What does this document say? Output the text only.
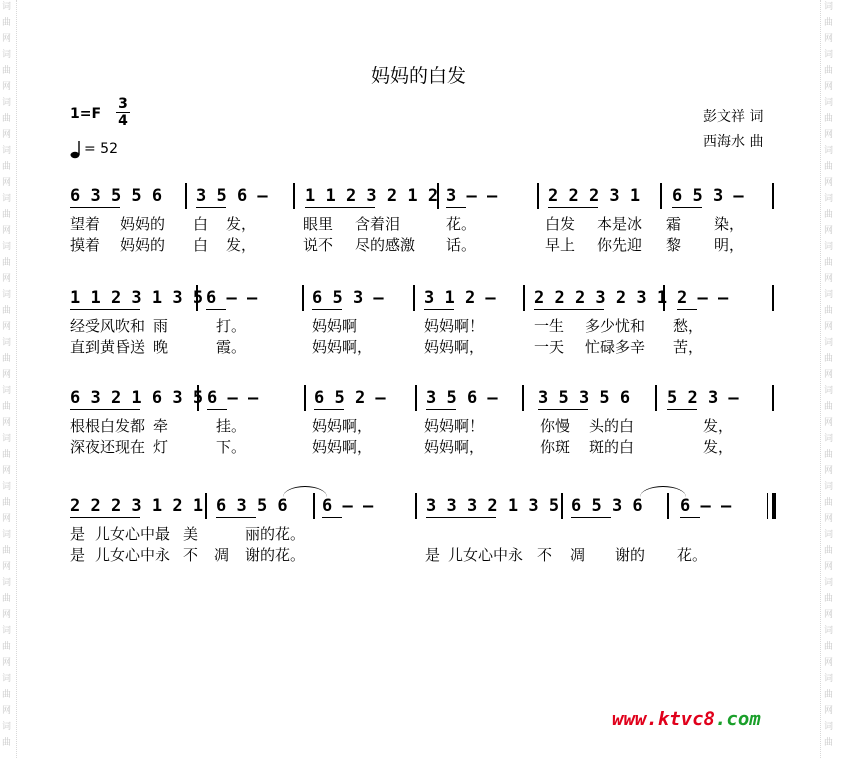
词
曲
网
词
曲
网
词
曲
网
词
曲
网
词
曲
网
词
曲
网
词
曲
网
词
曲
网
词
曲
网
词
曲
网
词
曲
网
词
曲
网
词
曲
网
词
曲
网
词
曲
网
词
曲
词
曲
网
词
曲
网
词
曲
网
词
曲
网
词
曲
网
词
曲
网
词
曲
网
词
曲
网
词
曲
网
词
曲
网
词
曲
网
词
曲
网
词
曲
网
词
曲
网
词
曲
网
词
曲
妈妈的白发
1=F
3
4
= 52
彭文祥 词
西海水 曲
6 3 5 5 6 3 5 6 – 1 1 2 3 2 1 2 3 – –	2 2 2 3 1 6 5 3 –
望着 妈妈的 白 发，	眼里 含着泪	花。	白发 本是冰 霜 染，
摸着 妈妈的 白 发，	说不 尽的感激 话。	早上 你先迎 黎 明，
1 1 2 3 1 3 5 6 – –	6 5 3 – 3 1 2 – 2 2 2 3 2 3 1 2 – –
经受风吹和 雨	打。	妈妈啊	妈妈啊！	一生 多少忧和 愁，
直到黄昏送 晚	霞。	妈妈啊，	妈妈啊，	一天 忙碌多辛 苦，
6 3 2 1 6 3 5 6 – –	6 5 2 – 3 5 6 – 3 5 3 5 6 5 2 3 –
根根白发都 牵	挂。	妈妈啊，	妈妈啊！	你慢 头的白	发，
深夜还现在 灯	下。	妈妈啊，	妈妈啊，	你斑 斑的白	发，
2 2 2 3 1 2 1 6 3 5 6 6 – –	3 3 3 2 1 3 5 6 5 3 6 6 – –
是 儿女心中最 美	丽的花。
是 儿女心中永 不 凋 谢的花。	是 儿女心中永 不 凋 谢的 花。
www.ktvc8.com
